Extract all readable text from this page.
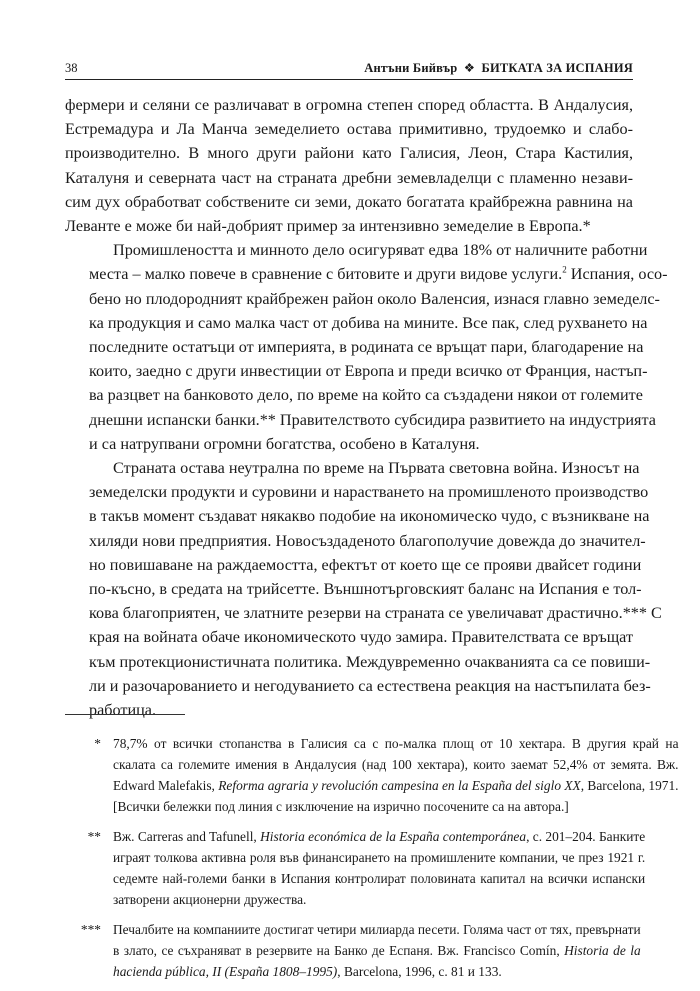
38	Антъни Бийвър ❖ БИТКАТА ЗА ИСПАНИЯ

фермери и селяни се различават в огромна степен според областта. В Андалусия,
Естремадура и Ла Манча земеделието остава примитивно, трудоемко и слабо-
производително. В много други райони като Галисия, Леон, Стара Кастилия,
Каталуня и северната част на страната дребни земевладелци с пламенно незави-
сим дух обработват собствените си земи, докато богатата крайбрежна равнина на
Леванте е може би най-добрият пример за интензивно земеделие в Европа.*

Промишлеността и минното дело осигуряват едва 18% от наличните работни
места – малко повече в сравнение с битовите и други видове услуги.$^2$ Испания, осо-
бено но плодородният крайбрежен район около Валенсия, изнася главно земеделс-
ка продукция и само малка част от добива на мините. Все пак, след рухването на
последните остатъци от империята, в родината се връщат пари, благодарение на
които, заедно с други инвестиции от Европа и преди всичко от Франция, настъп-
ва разцвет на банковото дело, по време на който са създадени някои от големите
днешни испански банки.** Правителството субсидира развитието на индустрията
и са натрупвани огромни богатства, особено в Каталуня.

Страната остава неутрална по време на Първата световна война. Износът на
земеделски продукти и суровини и нарастването на промишленото производство
в такъв момент създават някакво подобие на икономическо чудо, с възникване на
хиляди нови предприятия. Новосъздаденото благополучие довежда до значител-
но повишаване на раждаемостта, ефектът от което ще се прояви двайсет години
по-късно, в средата на трийсетте. Външнотърговският баланс на Испания е тол-
кова благоприятен, че златните резерви на страната се увеличават драстично.*** С
края на войната обаче икономическото чудо замира. Правителствата се връщат
към протекционистичната политика. Междувременно очакванията са се повиши-
ли и разочарованието и негодуванието са естествена реакция на настъпилата без-
работица.

* 78,7% от всички стопанства в Галисия са с по-малка площ от 10 хектара. В другия край на
скалата са големите имения в Андалусия (над 100 хектара), които заемат 52,4% от земята. Вж.
Edward Malefakis, Reforma agraria y revolución campesina en la España del siglo XX, Barcelona, 1971.
[Всички бележки под линия с изключение на изрично посочените са на автора.]
** Вж. Carreras and Tafunell, Historia económica de la España contemporánea, с. 201–204. Банките
играят толкова активна роля във финансирането на промишлените компании, че през 1921 г.
седемте най-големи банки в Испания контролират половината капитал на всички испански
затворени акционерни дружества.
*** Печалбите на компаниите достигат четири милиарда песети. Голяма част от тях, превърнати
в злато, се съхраняват в резервите на Банко де Еспаня. Вж. Francisco Comín, Historia de la
hacienda pública, II (España 1808–1995), Barcelona, 1996, с. 81 и 133.
